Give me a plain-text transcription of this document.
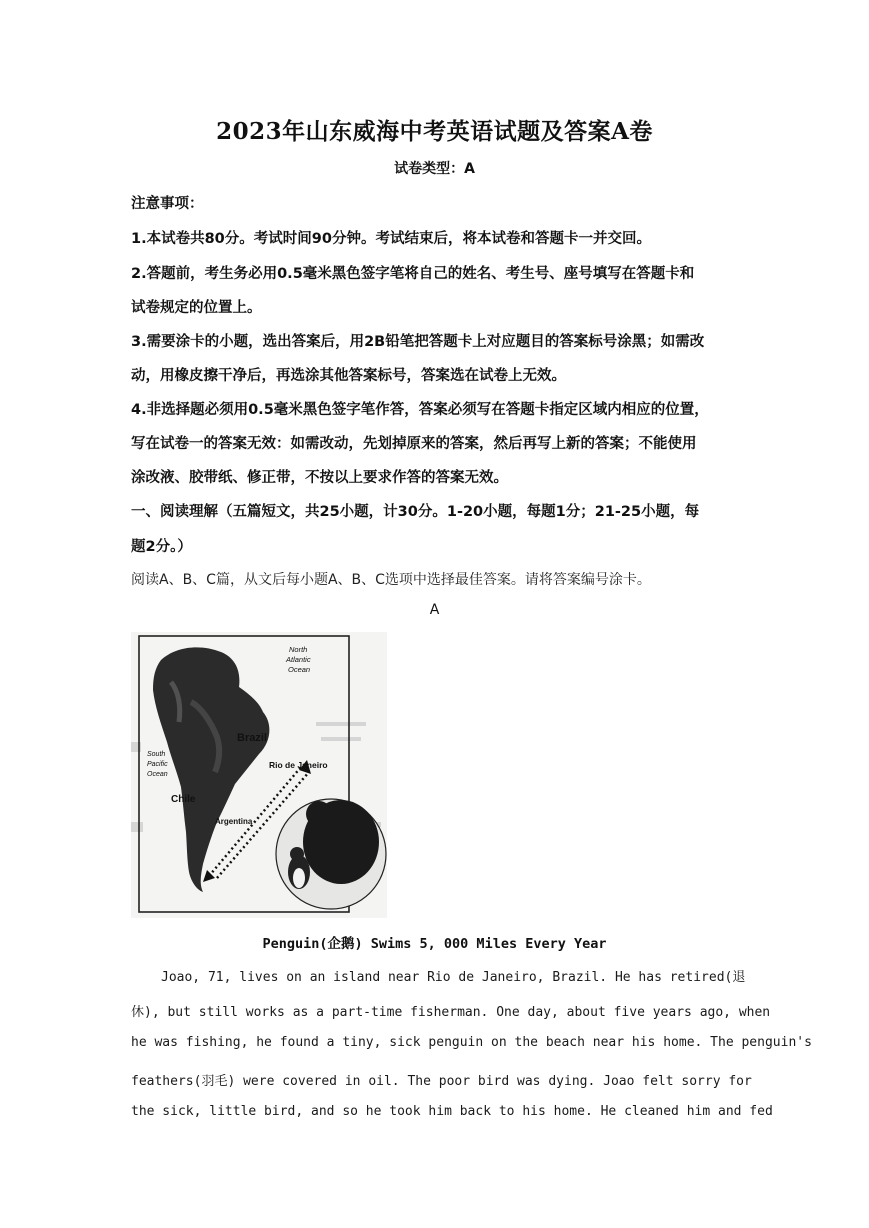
2023年山东威海中考英语试题及答案A卷
试卷类型：A
注意事项：
1.本试卷共80分。考试时间90分钟。考试结束后，将本试卷和答题卡一并交回。
2.答题前，考生务必用0.5毫米黑色签字笔将自己的姓名、考生号、座号填写在答题卡和
试卷规定的位置上。
3.需要涂卡的小题，选出答案后，用2B铅笔把答题卡上对应题目的答案标号涂黑；如需改
动，用橡皮擦干净后，再选涂其他答案标号，答案选在试卷上无效。
4.非选择题必须用0.5毫米黑色签字笔作答，答案必须写在答题卡指定区域内相应的位置，
写在试卷一的答案无效：如需改动，先划掉原来的答案，然后再写上新的答案；不能使用
涂改液、胶带纸、修正带，不按以上要求作答的答案无效。
一、阅读理解（五篇短文，共25小题，计30分。1-20小题，每题1分；21-25小题，每
题2分。）
阅读A、B、C篇，从文后每小题A、B、C选项中选择最佳答案。请将答案编号涂卡。
A
North
Atlantic
Ocean
Brazil
Rio de Janeiro
South
Pacific
Ocean
Chile
Argentina
Penguin(企鹅) Swims 5, 000 Miles Every Year
Joao, 71, lives on an island near Rio de Janeiro, Brazil. He has retired(退
休), but still works as a part-time fisherman. One day, about five years ago, when
he was fishing, he found a tiny, sick penguin on the beach near his home. The penguin's
feathers(羽毛) were covered in oil. The poor bird was dying. Joao felt sorry for
the sick, little bird, and so he took him back to his home. He cleaned him and fed
